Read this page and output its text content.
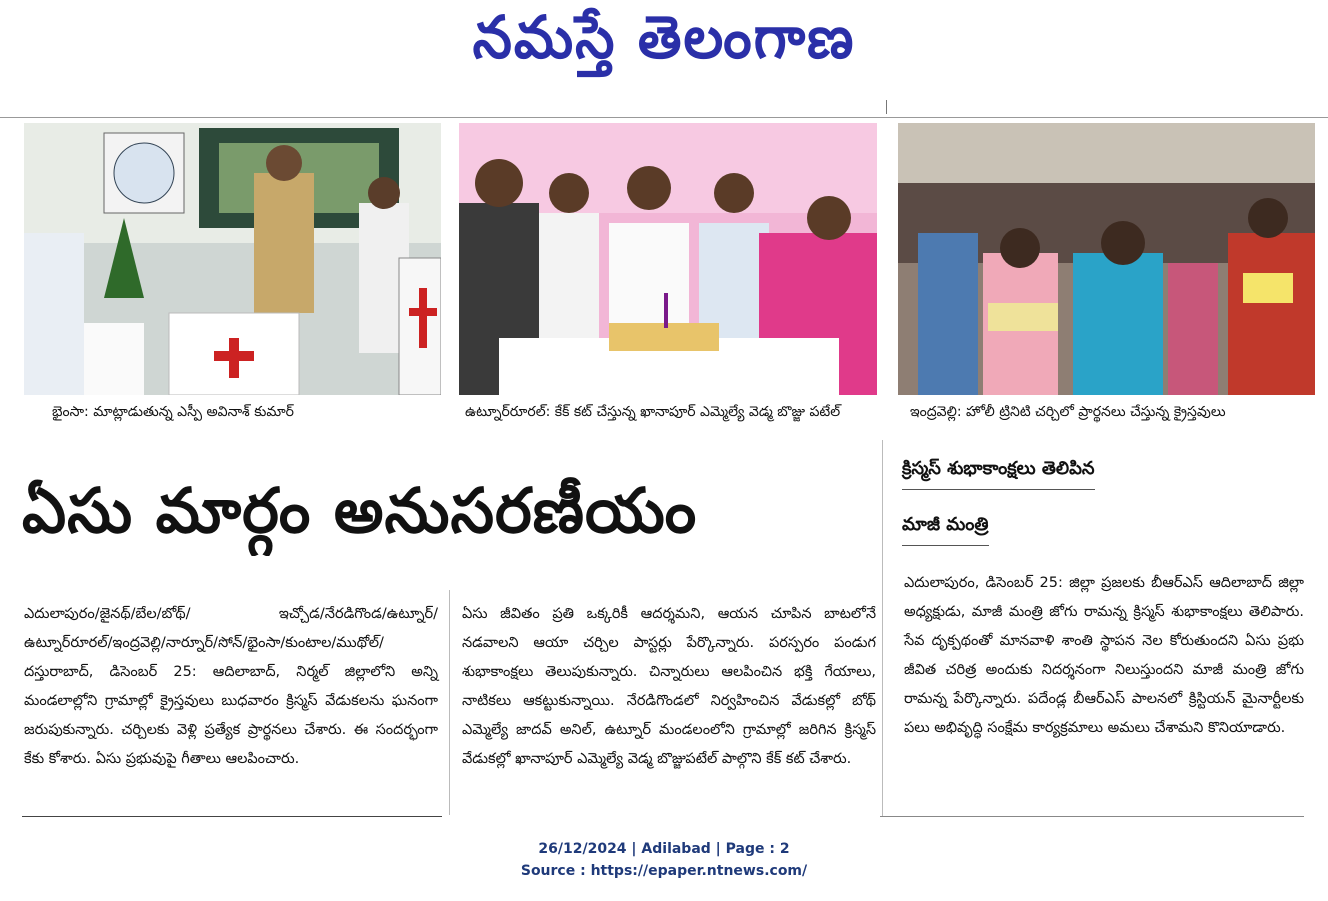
నమస్తే తెలంగాణ
భైంసా: మాట్లాడుతున్న ఎస్పీ అవినాశ్ కుమార్	ఉట్నూర్‌రూరల్: కేక్ కట్ చేస్తున్న ఖానాపూర్ ఎమ్మెల్యే వెడ్మ బొజ్జు పటేల్	ఇంద్రవెల్లి: హోలీ ట్రినిటి చర్చిలో ప్రార్థనలు చేస్తున్న క్రైస్తవులు
ఏసు మార్గం అనుసరణీయం
క్రిస్మస్ శుభాకాంక్షలు తెలిపిన
మాజీ మంత్రి
ఎదులాపురం/జైనథ్/బేల/బోథ్/ ఇచ్చోడ/నేరడిగొండ/ఉట్నూర్/ఉట్నూర్‌రూరల్/ఇంద్రవెల్లి/నార్నూర్/సోన్/భైంసా/కుంటాల/ముథోల్/దస్తురాబాద్, డిసెంబర్ 25: ఆదిలాబాద్, నిర్మల్ జిల్లాలోని అన్ని మండలాల్లోని గ్రామాల్లో క్రైస్తవులు బుధవారం క్రిస్మస్ వేడుకలను ఘనంగా జరుపుకున్నారు. చర్చిలకు వెళ్లి ప్రత్యేక ప్రార్థనలు చేశారు. ఈ సందర్భంగా కేకు కోశారు. ఏసు ప్రభువుపై గీతాలు ఆలపించారు.
ఏసు జీవితం ప్రతి ఒక్కరికీ ఆదర్శమని, ఆయన చూపిన బాటలోనే నడవాలని ఆయా చర్చిల పాస్టర్లు పేర్కొన్నారు. పరస్పరం పండుగ శుభాకాంక్షలు తెలుపుకున్నారు. చిన్నారులు ఆలపించిన భక్తి గేయాలు, నాటికలు ఆకట్టుకున్నాయి. నేరడిగొండలో నిర్వహించిన వేడుకల్లో బోథ్ ఎమ్మెల్యే జాదవ్ అనిల్, ఉట్నూర్ మండలంలోని గ్రామాల్లో జరిగిన క్రిస్మస్ వేడుకల్లో ఖానాపూర్ ఎమ్మెల్యే వెడ్మ బొజ్జుపటేల్ పాల్గొని కేక్ కట్ చేశారు.
ఎదులాపురం, డిసెంబర్ 25: జిల్లా ప్రజలకు బీఆర్‌ఎస్ ఆదిలాబాద్ జిల్లా అధ్యక్షుడు, మాజీ మంత్రి జోగు రామన్న క్రిస్మస్ శుభాకాంక్షలు తెలిపారు. సేవ దృక్పథంతో మానవాళి శాంతి స్థాపన నెల కోరుతుందని ఏసు ప్రభు జీవిత చరిత్ర అందుకు నిదర్శనంగా నిలుస్తుందని మాజీ మంత్రి జోగు రామన్న పేర్కొన్నారు. పదేండ్ల బీఆర్‌ఎస్ పాలనలో క్రిస్టియన్ మైనార్టీలకు పలు అభివృద్ధి సంక్షేమ కార్యక్రమాలు అమలు చేశామని కొనియాడారు.
26/12/2024 | Adilabad | Page : 2
Source : https://epaper.ntnews.com/
